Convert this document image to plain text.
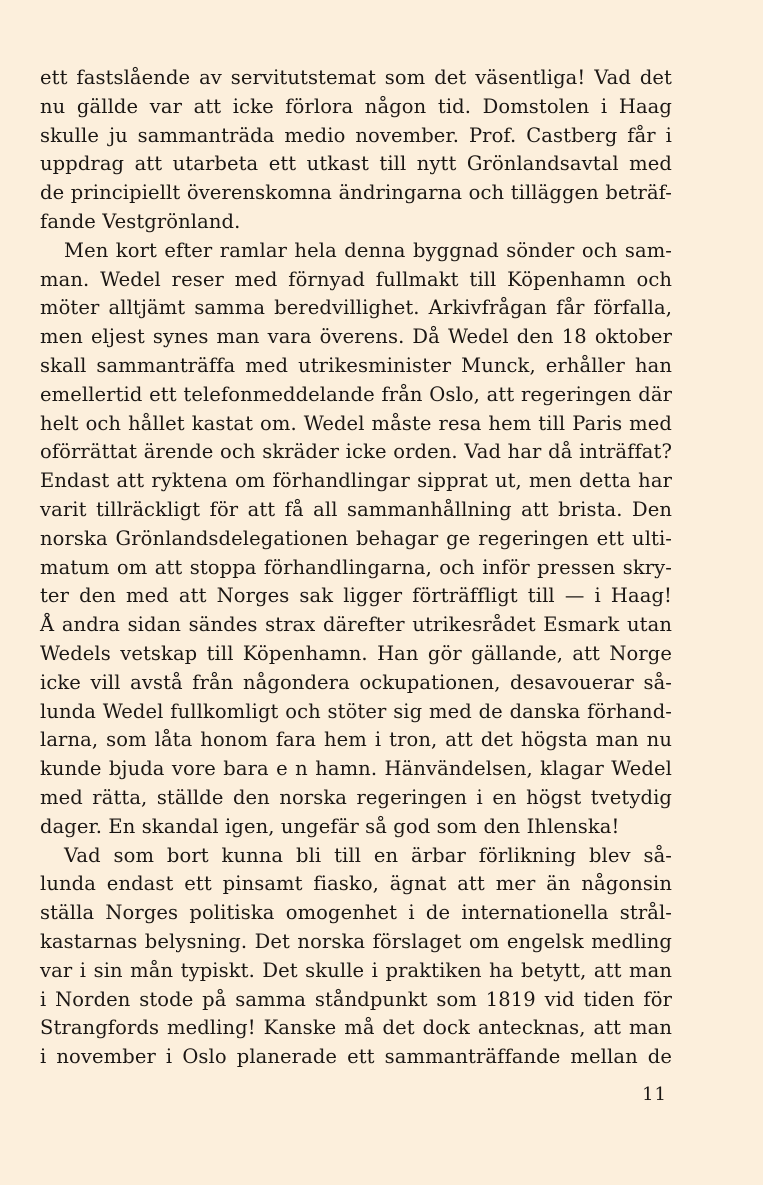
ett fastslående av servitutstemat som det väsentliga! Vad det
nu gällde var att icke förlora någon tid. Domstolen i Haag
skulle ju sammanträda medio november. Prof. Castberg får i
uppdrag att utarbeta ett utkast till nytt Grönlandsavtal med
de principiellt överenskomna ändringarna och tilläggen beträf-
fande Vestgrönland.
Men kort efter ramlar hela denna byggnad sönder och sam-
man. Wedel reser med förnyad fullmakt till Köpenhamn och
möter alltjämt samma beredvillighet. Arkivfrågan får förfalla,
men eljest synes man vara överens. Då Wedel den 18 oktober
skall sammanträffa med utrikesminister Munck, erhåller han
emellertid ett telefonmeddelande från Oslo, att regeringen där
helt och hållet kastat om. Wedel måste resa hem till Paris med
oförrättat ärende och skräder icke orden. Vad har då inträffat?
Endast att ryktena om förhandlingar sipprat ut, men detta har
varit tillräckligt för att få all sammanhållning att brista. Den
norska Grönlandsdelegationen behagar ge regeringen ett ulti-
matum om att stoppa förhandlingarna, och inför pressen skry-
ter den med att Norges sak ligger förträffligt till — i Haag!
Å andra sidan sändes strax därefter utrikesrådet Esmark utan
Wedels vetskap till Köpenhamn. Han gör gällande, att Norge
icke vill avstå från någondera ockupationen, desavouerar så-
lunda Wedel fullkomligt och stöter sig med de danska förhand-
larna, som låta honom fara hem i tron, att det högsta man nu
kunde bjuda vore bara e n hamn. Hänvändelsen, klagar Wedel
med rätta, ställde den norska regeringen i en högst tvetydig
dager. En skandal igen, ungefär så god som den Ihlenska!
Vad som bort kunna bli till en ärbar förlikning blev så-
lunda endast ett pinsamt fiasko, ägnat att mer än någonsin
ställa Norges politiska omogenhet i de internationella strål-
kastarnas belysning. Det norska förslaget om engelsk medling
var i sin mån typiskt. Det skulle i praktiken ha betytt, att man
i Norden stode på samma ståndpunkt som 1819 vid tiden för
Strangfords medling! Kanske må det dock antecknas, att man
i november i Oslo planerade ett sammanträffande mellan de
11
